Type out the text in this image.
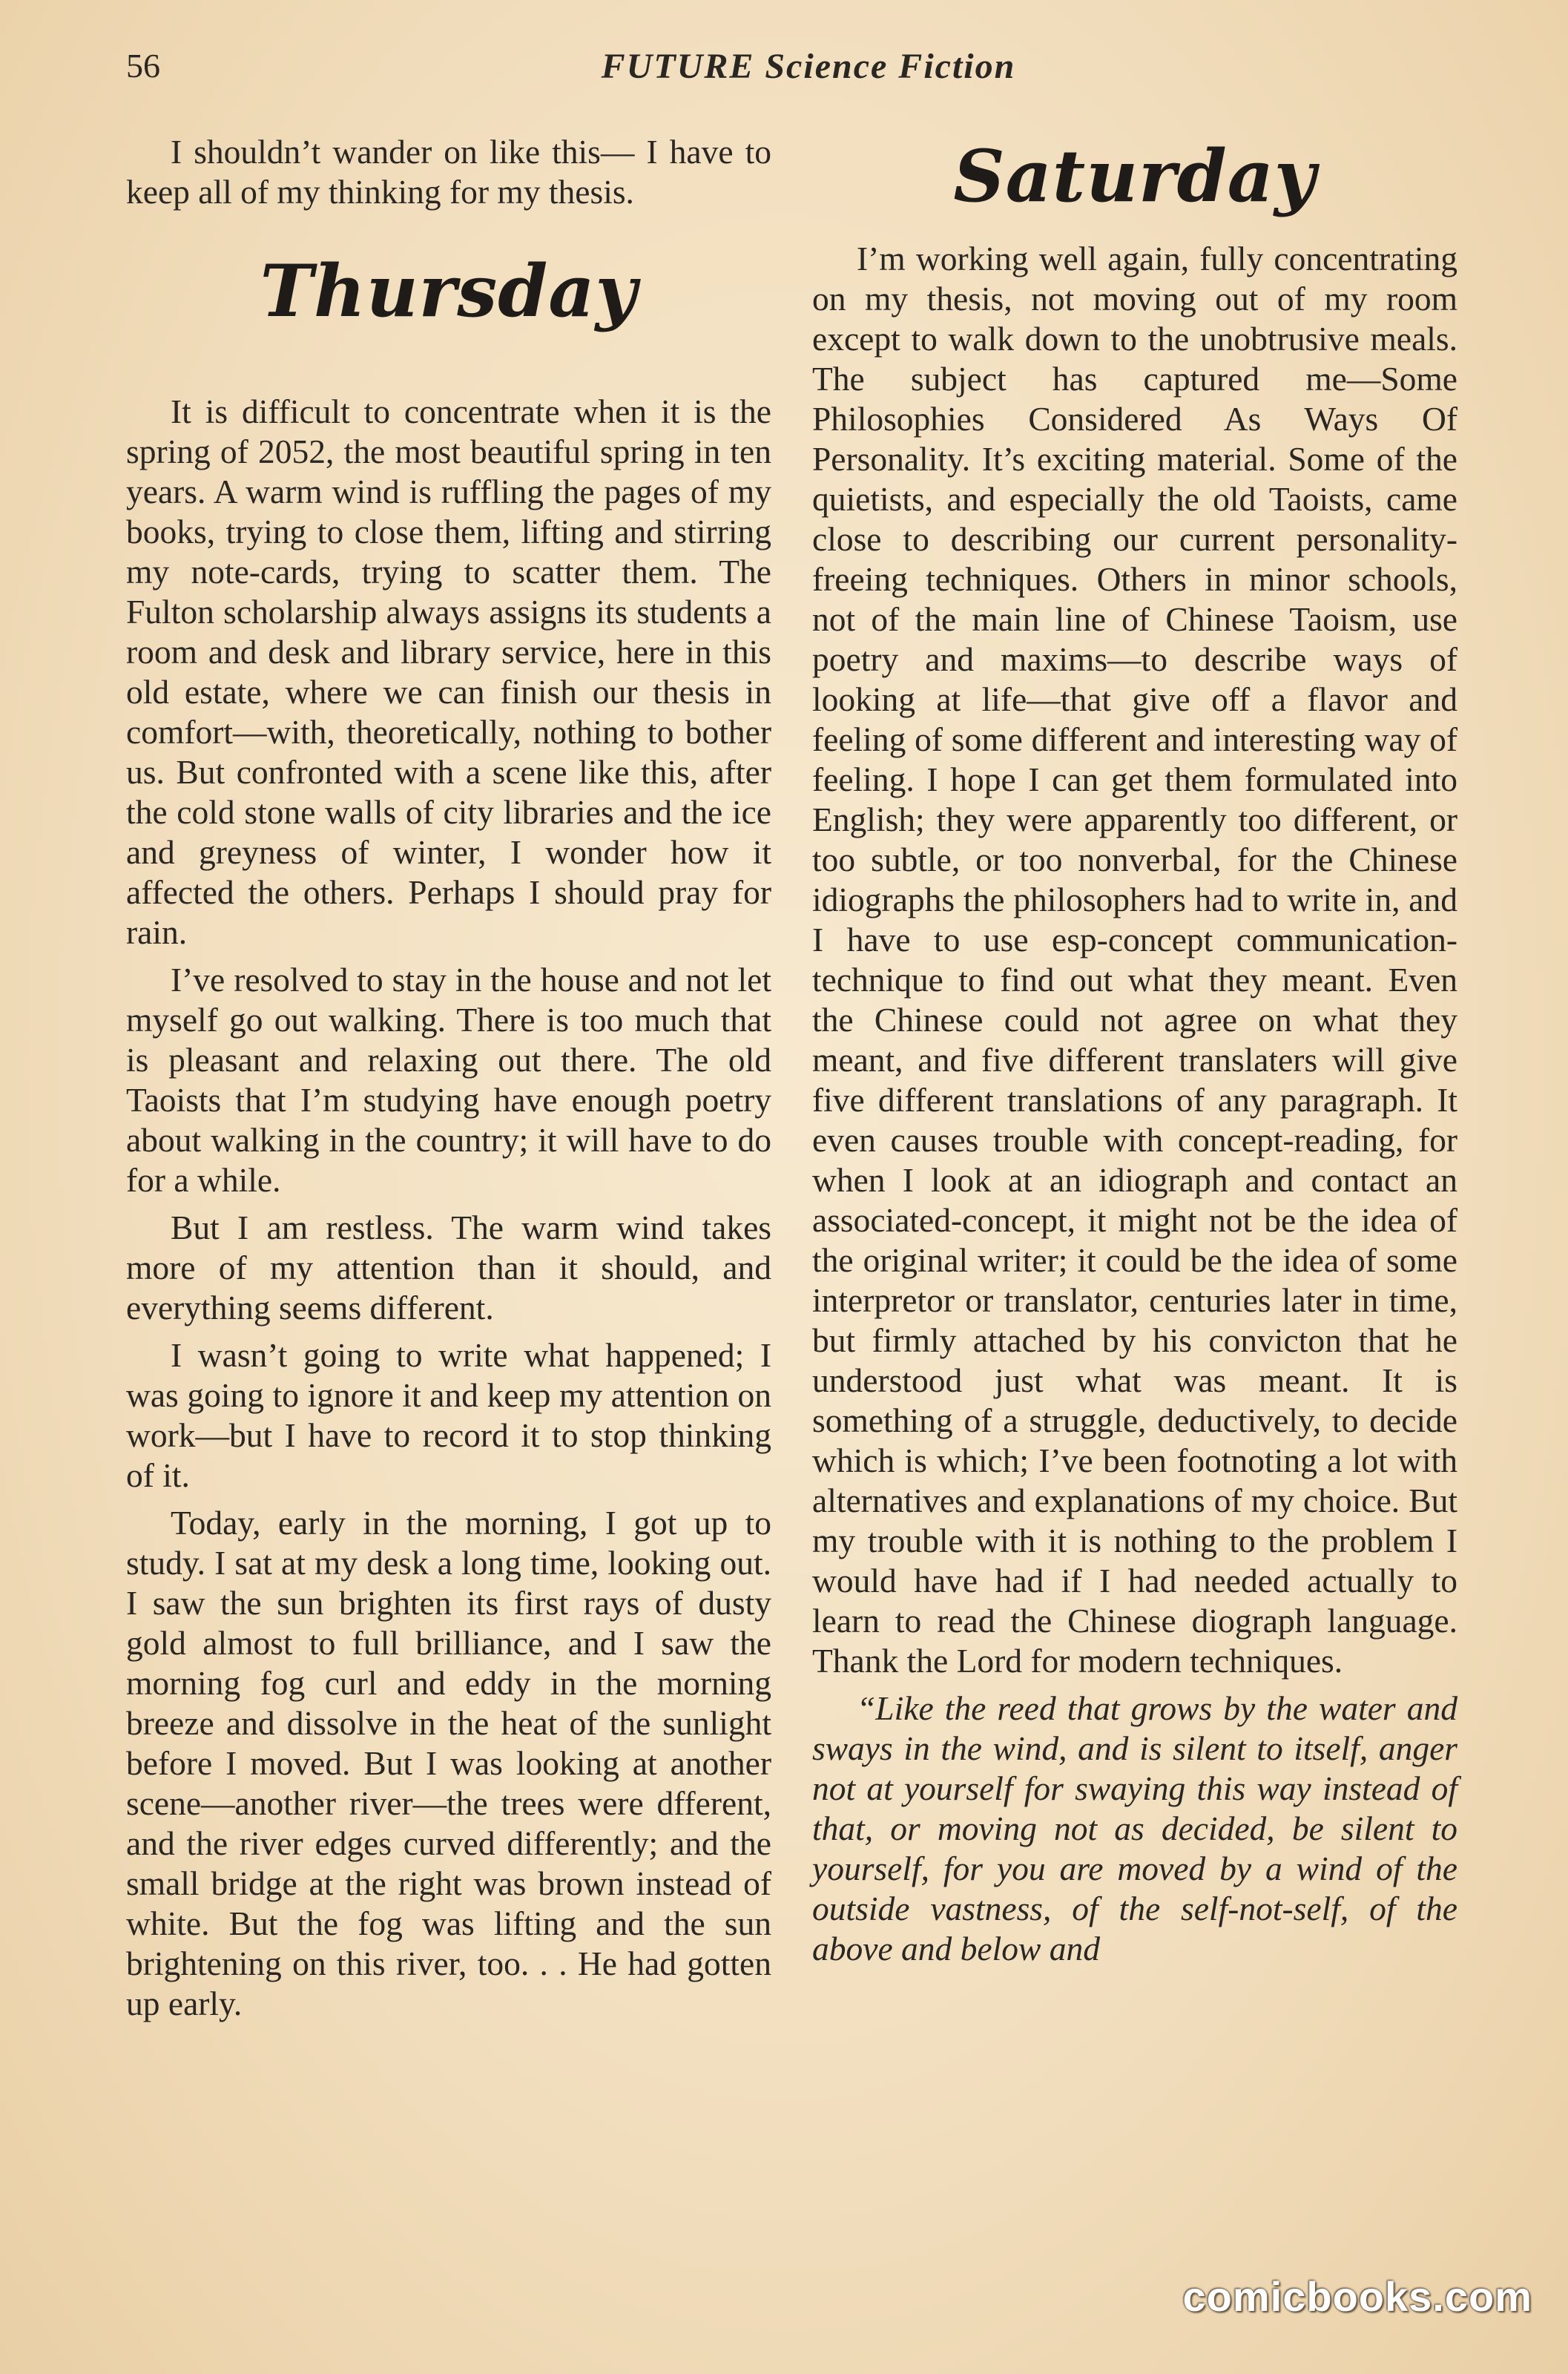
56	FUTURE Science Fiction

I shouldn’t wander on like this— I have to keep all of my thinking for my thesis.

Thursday

It is difficult to concentrate when it is the spring of 2052, the most beautiful spring in ten years. A warm wind is ruffling the pages of my books, trying to close them, lifting and stirring my note-cards, trying to scatter them. The Fulton scholarship always assigns its students a room and desk and library service, here in this old estate, where we can finish our thesis in comfort—with, theoretically, nothing to bother us. But confronted with a scene like this, after the cold stone walls of city libraries and the ice and greyness of winter, I wonder how it affected the others. Perhaps I should pray for rain.

I’ve resolved to stay in the house and not let myself go out walking. There is too much that is pleasant and relaxing out there. The old Taoists that I’m studying have enough poetry about walking in the country; it will have to do for a while.

But I am restless. The warm wind takes more of my attention than it should, and everything seems different.

I wasn’t going to write what happened; I was going to ignore it and keep my attention on work—but I have to record it to stop thinking of it.

Today, early in the morning, I got up to study. I sat at my desk a long time, looking out. I saw the sun brighten its first rays of dusty gold almost to full brilliance, and I saw the morning fog curl and eddy in the morning breeze and dissolve in the heat of the sunlight before I moved. But I was looking at another scene—another river—the trees were dfferent, and the river edges curved differently; and the small bridge at the right was brown instead of white. But the fog was lifting and the sun brightening on this river, too. . . He had gotten up early.

Saturday

I’m working well again, fully concentrating on my thesis, not moving out of my room except to walk down to the unobtrusive meals. The subject has captured me—Some Philosophies Considered As Ways Of Personality. It’s exciting material. Some of the quietists, and especially the old Taoists, came close to describing our current personality-freeing techniques. Others in minor schools, not of the main line of Chinese Taoism, use poetry and maxims—to describe ways of looking at life—that give off a flavor and feeling of some different and interesting way of feeling. I hope I can get them formulated into English; they were apparently too different, or too subtle, or too nonverbal, for the Chinese idiographs the philosophers had to write in, and I have to use esp-concept communication-technique to find out what they meant. Even the Chinese could not agree on what they meant, and five different translaters will give five different translations of any paragraph. It even causes trouble with concept-reading, for when I look at an idiograph and contact an associated-concept, it might not be the idea of the original writer; it could be the idea of some interpretor or translator, centuries later in time, but firmly attached by his convicton that he understood just what was meant. It is something of a struggle, deductively, to decide which is which; I’ve been footnoting a lot with alternatives and explanations of my choice. But my trouble with it is nothing to the problem I would have had if I had needed actually to learn to read the Chinese diograph language. Thank the Lord for modern techniques.

“Like the reed that grows by the water and sways in the wind, and is silent to itself, anger not at yourself for swaying this way instead of that, or moving not as decided, be silent to yourself, for you are moved by a wind of the outside vastness, of the self-not-self, of the above and below and

comicbooks.com
